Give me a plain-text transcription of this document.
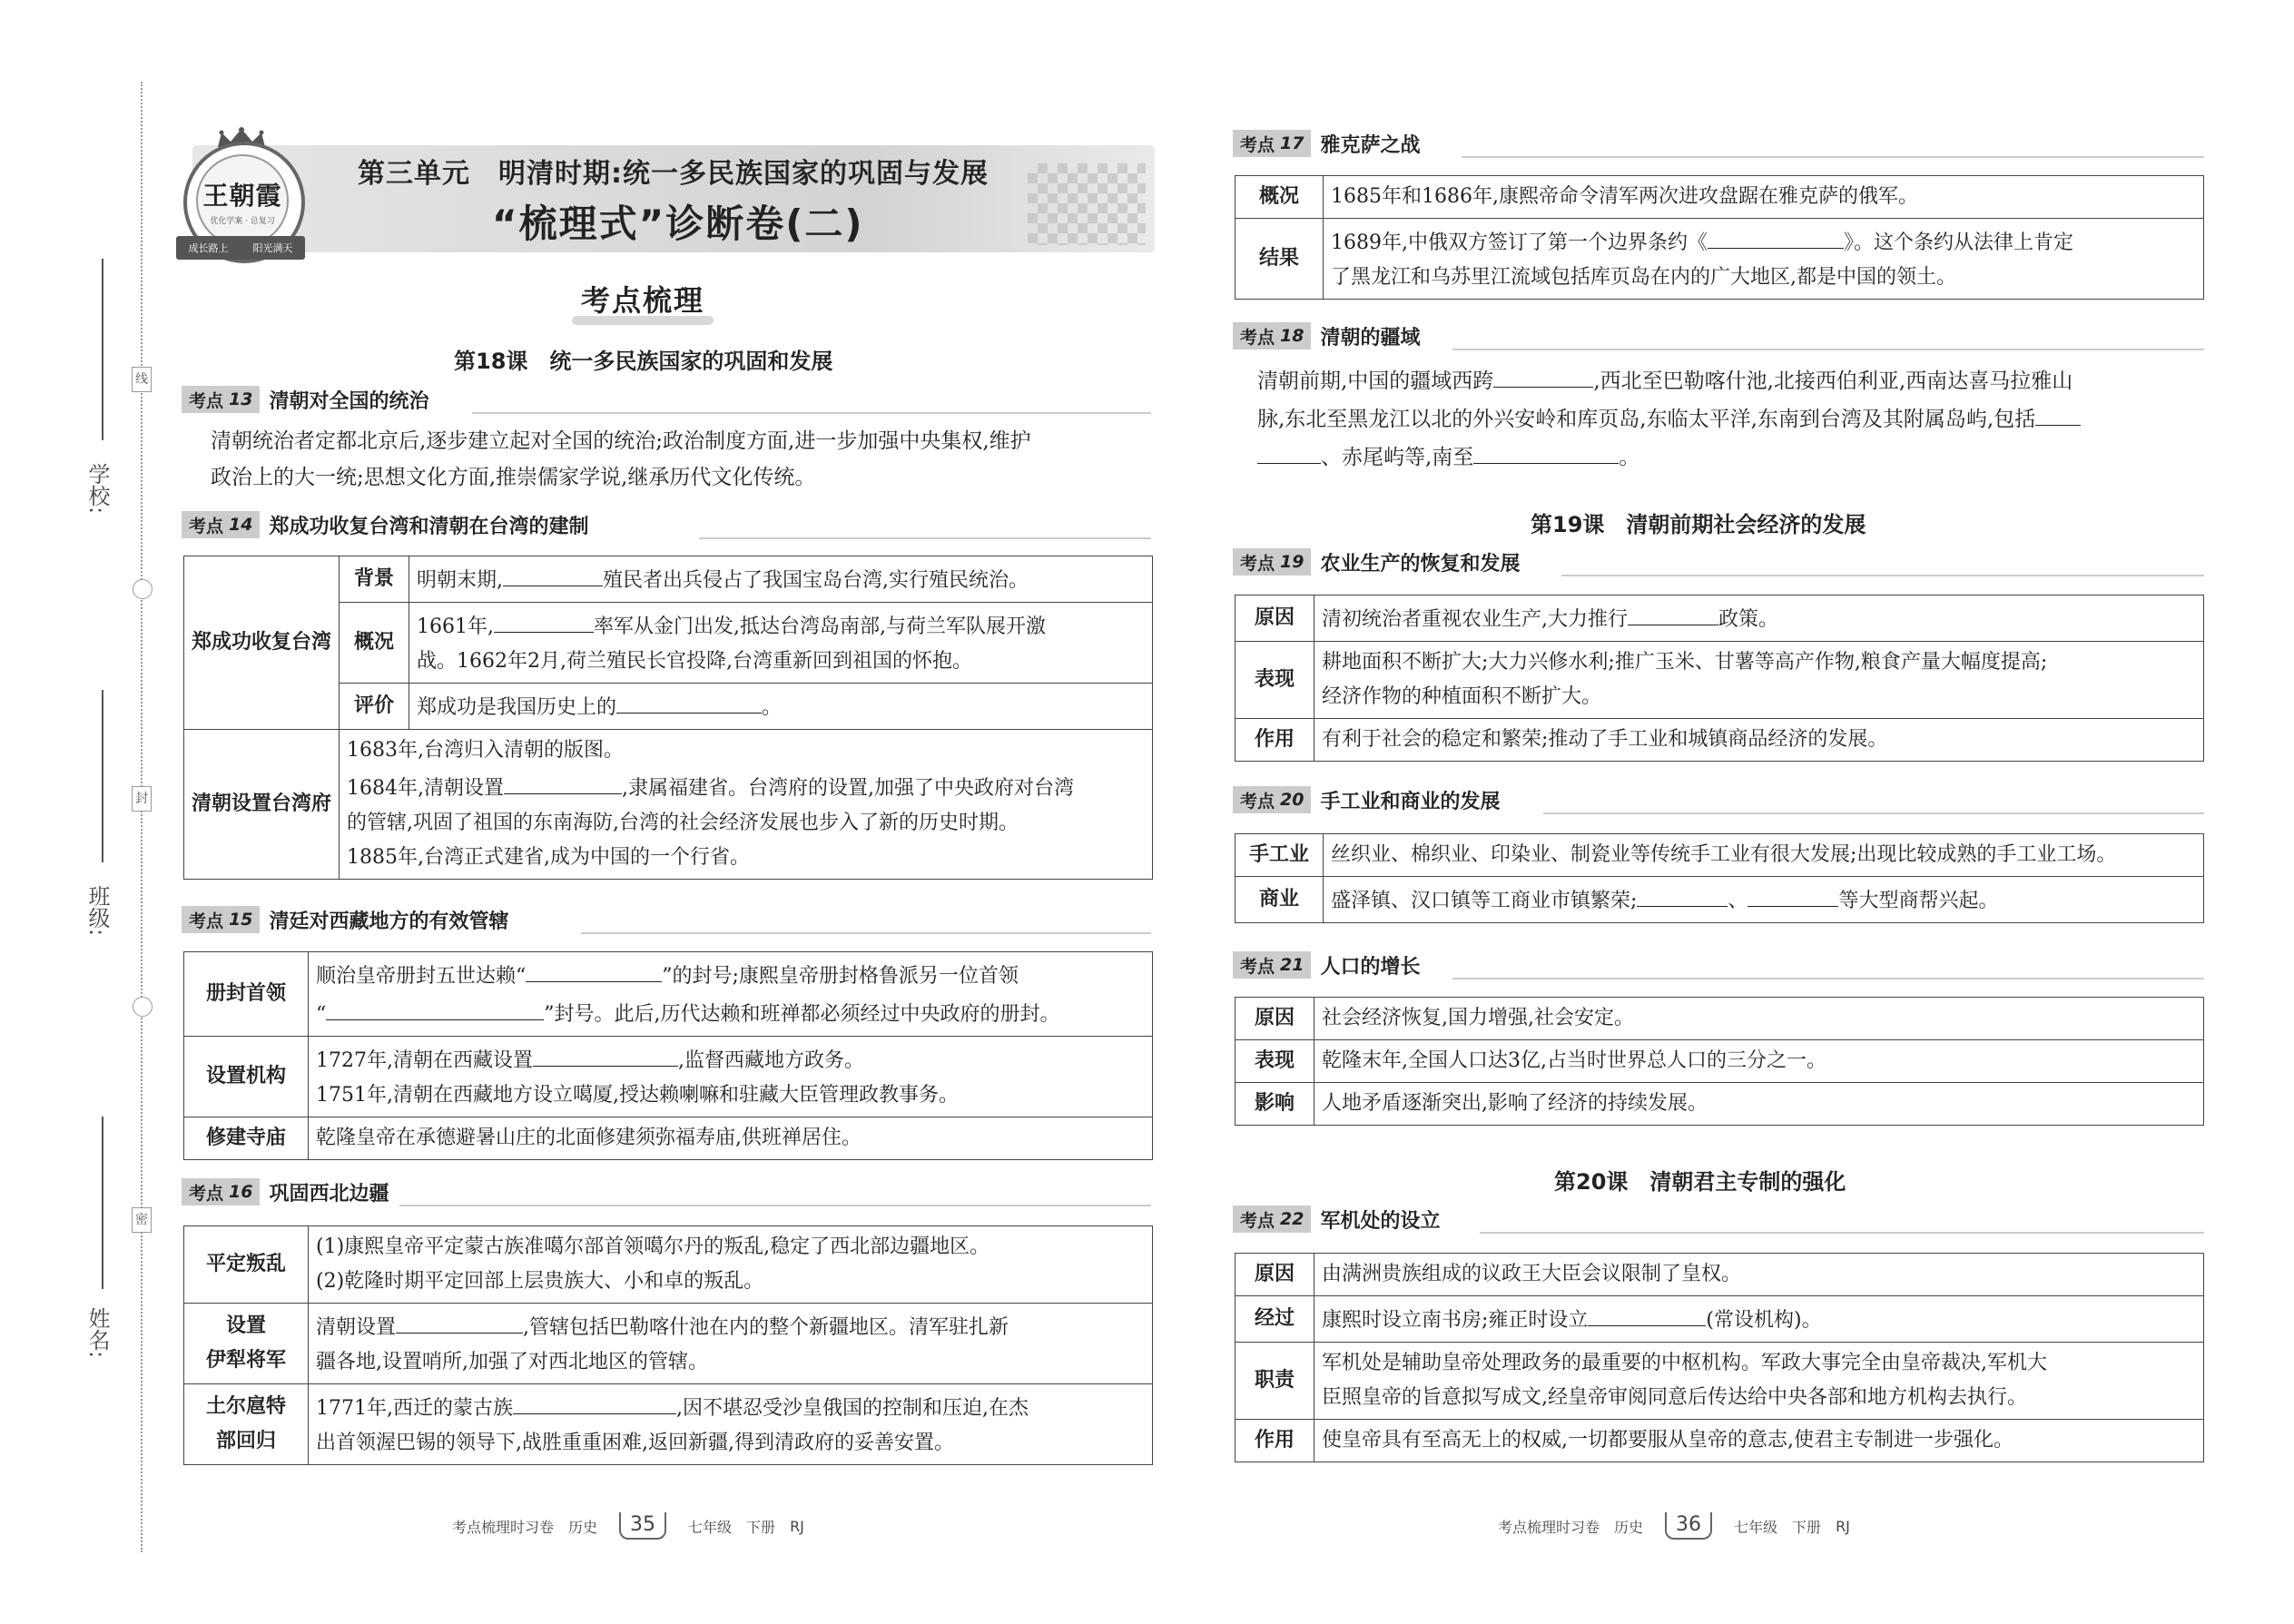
线
封
密
学校:
班级:
姓名:
王朝霞
优化学案 · 总复习
成长路上 阳光满天
第三单元　明清时期:统一多民族国家的巩固与发展
“梳理式”诊断卷(二)
考点梳理
第18课　统一多民族国家的巩固和发展
考点 13 清朝对全国的统治
清朝统治者定都北京后,逐步建立起对全国的统治;政治制度方面,进一步加强中央集权,维护
政治上的大一统;思想文化方面,推崇儒家学说,继承历代文化传统。
考点 14 郑成功收复台湾和清朝在台湾的建制
郑成功收复台湾	背景	明朝末期, 殖民者出兵侵占了我国宝岛台湾,实行殖民统治。
	概况	1661年, 率军从金门出发,抵达台湾岛南部,与荷兰军队展开激
战。1662年2月,荷兰殖民长官投降,台湾重新回到祖国的怀抱。
	评价	郑成功是我国历史上的 。
清朝设置台湾府	1683年,台湾归入清朝的版图。
1684年,清朝设置 ,隶属福建省。台湾府的设置,加强了中央政府对台湾
的管辖,巩固了祖国的东南海防,台湾的社会经济发展也步入了新的历史时期。
1885年,台湾正式建省,成为中国的一个行省。	
考点 15 清廷对西藏地方的有效管辖
册封首领	顺治皇帝册封五世达赖“ ”的封号;康熙皇帝册封格鲁派另一位首领
“ ”封号。此后,历代达赖和班禅都必须经过中央政府的册封。
设置机构	1727年,清朝在西藏设置 ,监督西藏地方政务。
1751年,清朝在西藏地方设立噶厦,授达赖喇嘛和驻藏大臣管理政教事务。
修建寺庙	乾隆皇帝在承德避暑山庄的北面修建须弥福寿庙,供班禅居住。
考点 16 巩固西北边疆
平定叛乱	(1)康熙皇帝平定蒙古族准噶尔部首领噶尔丹的叛乱,稳定了西北部边疆地区。
(2)乾隆时期平定回部上层贵族大、小和卓的叛乱。
设置
伊犁将军	清朝设置 ,管辖包括巴勒喀什池在内的整个新疆地区。清军驻扎新
疆各地,设置哨所,加强了对西北地区的管辖。
土尔扈特
部回归	1771年,西迁的蒙古族 ,因不堪忍受沙皇俄国的控制和压迫,在杰
出首领渥巴锡的领导下,战胜重重困难,返回新疆,得到清政府的妥善安置。
考点梳理时习卷 历史	35	七年级 下册 RJ
考点 17 雅克萨之战
概况	1685年和1686年,康熙帝命令清军两次进攻盘踞在雅克萨的俄军。
结果	1689年,中俄双方签订了第一个边界条约《 》。这个条约从法律上肯定
了黑龙江和乌苏里江流域包括库页岛在内的广大地区,都是中国的领土。
考点 18 清朝的疆域
清朝前期,中国的疆域西跨	,西北至巴勒喀什池,北接西伯利亚,西南达喜马拉雅山
脉,东北至黑龙江以北的外兴安岭和库页岛,东临太平洋,东南到台湾及其附属岛屿,包括
、赤尾屿等,南至	。
第19课　清朝前期社会经济的发展
考点 19 农业生产的恢复和发展
原因	清初统治者重视农业生产,大力推行 政策。
表现	耕地面积不断扩大;大力兴修水利;推广玉米、甘薯等高产作物,粮食产量大幅度提高;
经济作物的种植面积不断扩大。
作用	有利于社会的稳定和繁荣;推动了手工业和城镇商品经济的发展。
考点 20 手工业和商业的发展
手工业	丝织业、棉织业、印染业、制瓷业等传统手工业有很大发展;出现比较成熟的手工业工场。
商业	盛泽镇、汉口镇等工商业市镇繁荣; 、 等大型商帮兴起。
考点 21 人口的增长
原因	社会经济恢复,国力增强,社会安定。
表现	乾隆末年,全国人口达3亿,占当时世界总人口的三分之一。
影响	人地矛盾逐渐突出,影响了经济的持续发展。
第20课　清朝君主专制的强化
考点 22 军机处的设立
原因	由满洲贵族组成的议政王大臣会议限制了皇权。
经过	康熙时设立南书房;雍正时设立 (常设机构)。
职责	军机处是辅助皇帝处理政务的最重要的中枢机构。军政大事完全由皇帝裁决,军机大
臣照皇帝的旨意拟写成文,经皇帝审阅同意后传达给中央各部和地方机构去执行。
作用	使皇帝具有至高无上的权威,一切都要服从皇帝的意志,使君主专制进一步强化。
考点梳理时习卷 历史	36	七年级 下册 RJ
